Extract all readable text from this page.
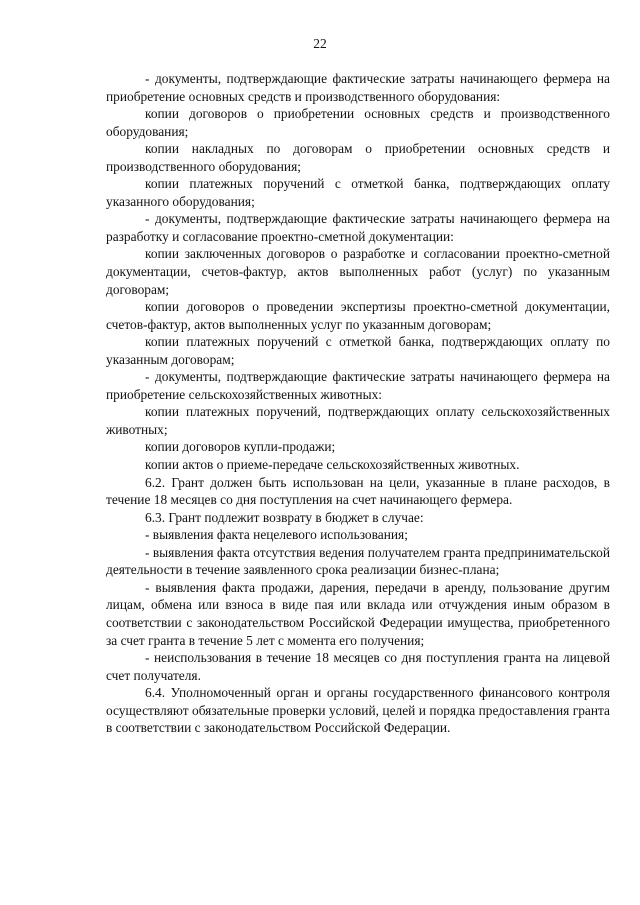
22

- документы, подтверждающие фактические затраты начинающего фермера на приобретение основных средств и производственного оборудования:

копии договоров о приобретении основных средств и производственного оборудования;

копии накладных по договорам о приобретении основных средств и производственного оборудования;

копии платежных поручений с отметкой банка, подтверждающих оплату указанного оборудования;

- документы, подтверждающие фактические затраты начинающего фермера на разработку и согласование проектно-сметной документации:

копии заключенных договоров о разработке и согласовании проектно-сметной документации, счетов-фактур, актов выполненных работ (услуг) по указанным договорам;

копии договоров о проведении экспертизы проектно-сметной документации, счетов-фактур, актов выполненных услуг по указанным договорам;

копии платежных поручений с отметкой банка, подтверждающих оплату по указанным договорам;

- документы, подтверждающие фактические затраты начинающего фермера на приобретение сельскохозяйственных животных:

копии платежных поручений, подтверждающих оплату сельскохозяйственных животных;

копии договоров купли-продажи;

копии актов о приеме-передаче сельскохозяйственных животных.

6.2. Грант должен быть использован на цели, указанные в плане расходов, в течение 18 месяцев со дня поступления на счет начинающего фермера.

6.3. Грант подлежит возврату в бюджет в случае:

- выявления факта нецелевого использования;

- выявления факта отсутствия ведения получателем гранта предпринимательской деятельности в течение заявленного срока реализации бизнес-плана;

- выявления факта продажи, дарения, передачи в аренду, пользование другим лицам, обмена или взноса в виде пая или вклада или отчуждения иным образом в соответствии с законодательством Российской Федерации имущества, приобретенного за счет гранта в течение 5 лет с момента его получения;

- неиспользования в течение 18 месяцев со дня поступления гранта на лицевой счет получателя.

6.4. Уполномоченный орган и органы государственного финансового контроля осуществляют обязательные проверки условий, целей и порядка предоставления гранта в соответствии с законодательством Российской Федерации.
